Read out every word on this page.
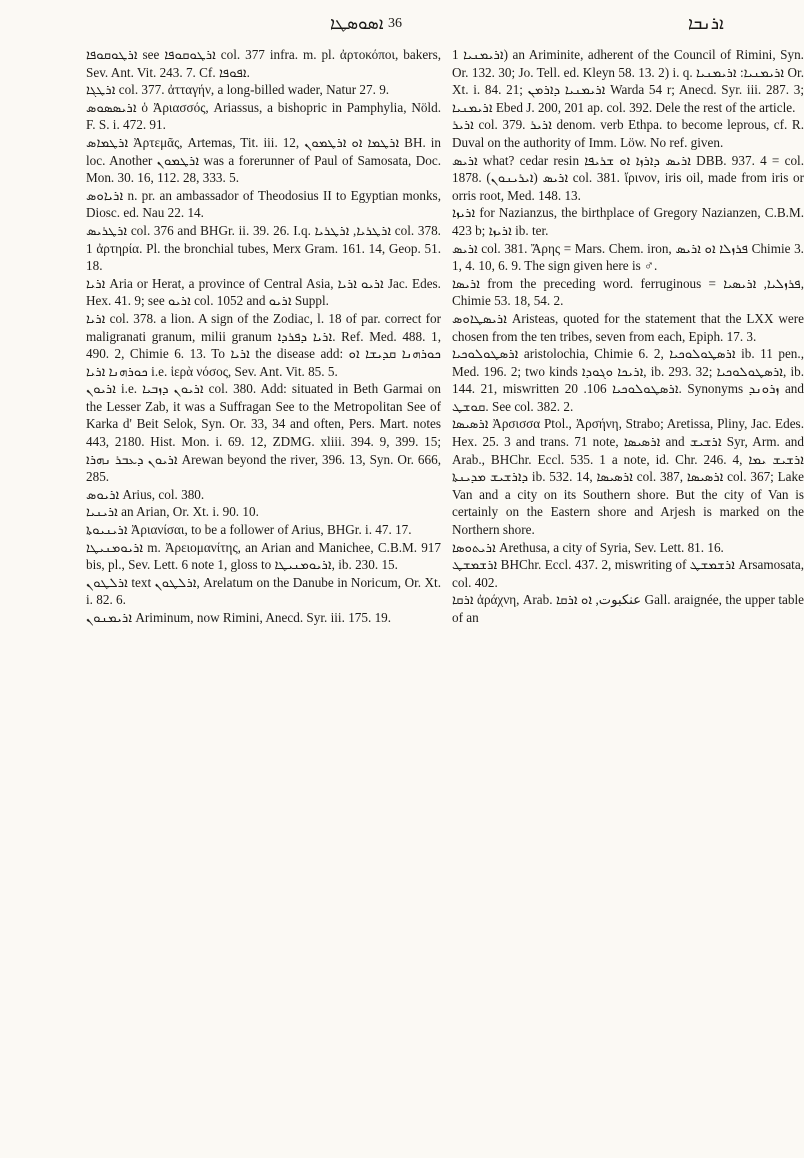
ܐܣܘܣܛܐ 36	ܐܪܢܒܐ

ܐܪܛܘܩܘܦܐ see ܐܪܛܘܩܘܦܐ col. 377 infra. m. pl. ἀρτοκόποι, bakers, Sev. Ant. Vit. 243. 7. Cf. ܐܦܘܦܐ.

ܐܪܛܓܐ col. 377. ἀτταγήν, a long-billed wader, Natur 27. 9.

ܐܪܝܣܣܘܣ ὁ Ἀριασσός, Ariassus, a bishopric in Pamphylia, Nöld. F. S. i. 472. 91.

ܐܪܛܡܐܣ Ἀρτεμᾶς, Artemas, Tit. iii. 12, ܐܪܛܡܐ ܐܘ ܐܪܛܡܘܢ BH. in loc. Another ܐܪܛܡܘܢ was a forerunner of Paul of Samosata, Doc. Mon. 30. 16, 112. 28, 333. 5.

ܐܪܝܐܘܣ n. pr. an ambassador of Theodosius II to Egyptian monks, Diosc. ed. Nau 22. 14.

ܐܪܛܪܝܣ col. 376 and BHGr. ii. 39. 26. I.q. ܐܪܛܪܝܐ, ܐܪܛܪܝܐ col. 378. 1 ἀρτηρία. Pl. the bronchial tubes, Merx Gram. 161. 14, Geop. 51. 18.

ܐܪܝܐ Aria or Herat, a province of Central Asia, ܐܪܝܘ ܐܪܝܐ Jac. Edes. Hex. 41. 9; see ܐܪܝܘ col. 1052 and ܐܪܝܘ Suppl.

ܐܪܝܐ col. 378. a lion. A sign of the Zodiac, l. 18 of par. correct for maligranati granum, milii granum ܐܪܝܐ ܕܦܪܕܐ. Ref. Med. 488. 1, 490. 2, Chimie 6. 13. To ܐܪܝܐ the disease add: ܟܘܪܗܢܐ ܩܕܝܫܐ ܐܘ ܟܘܪܗܢܐ ܐܪܝܐ i.e. ἱερὰ νόσος, Sev. Ant. Vit. 85. 5.

ܐܪܝܘܢ i.e. ܐܪܝܘܢ ܕܙܒܝܐ col. 380. Add: situated in Beth Garmai on the Lesser Zab, it was a Suffragan See to the Metropolitan See of Karka d' Beit Selok, Syn. Or. 33, 34 and often, Pers. Mart. notes 443, 2180. Hist. Mon. i. 69. 12, ZDMG. xliii. 394. 9, 399. 15; ܐܪܝܘܢ ܕܥܒܪ ܢܗܪܐ Arewan beyond the river, 396. 13, Syn. Or. 666, 285.

ܐܪܝܘܣ Arius, col. 380.

ܐܪܝܢܝܐ an Arian, Or. Xt. i. 90. 10.

ܐܪܝܢܝܘܬܐ Ἀριανίσαι, to be a follower of Arius, BHGr. i. 47. 17.

ܐܪܝܘܡܢܝܛܐ m. Ἀρειομανίτης, an Arian and Manichee, C.B.M. 917 bis, pl., Sev. Lett. 6 note 1, gloss to ܐܪܝܘܡܢܝܛܐ, ib. 230. 15.

ܐܪܠܛܘܢ text ܐܪܠܛܘܢ, Arelatum on the Danube in Noricum, Or. Xt. i. 82. 6.

ܐܪܝܡܢܘܢ Ariminum, now Rimini, Anecd. Syr. iii. 175. 19.

ܐܪܝܡܢܝܐ 1) an Ariminite, adherent of the Council of Rimini, Syn. Or. 132. 30; Jo. Tell. ed. Kleyn 58. 13. 2) i. q. ܐܪܝܡܢܝܐ: ܐܪܝܡܢܝܐ Or. Xt. i. 84. 21; ܐܪܝܡܢܝܐ ܕܐܪܡܢ Warda 54 r; Anecd. Syr. iii. 287. 3; ܐܪܝܡܢܝܐ Ebed J. 200, 201 ap. col. 392. Dele the rest of the article.

ܐܪܝܪ col. 379. ܐܪܝܪ denom. verb Ethpa. to become leprous, cf. R. Duval on the authority of Imm. Löw. No ref. given.

ܐܪܝܣ what? cedar resin ܐܪܝܣ ܕܐܪܙܐ ܐܘ ܫܪܝܦܐ DBB. 937. 4 = col. 1878. ܐܪܝܣ (ܐܝܪܝܢܘܢ) col. 381. ἴρινον, iris oil, made from iris or orris root, Med. 148. 13.

ܐܪܝܙܐ for Nazianzus, the birthplace of Gregory Nazianzen, C.B.M. 423 b; ܐܪܝܙܐ ib. ter.

ܐܪܝܣ col. 381. Ἄρης = Mars. Chem. iron, ܦܪܙܠܐ ܐܘ ܐܪܝܣ Chimie 3. 1, 4. 10, 6. 9. The sign given here is ♂.

ܐܪܝܣܐ from the preceding word. ferruginous = ܦܪܙܠܝܐ, ܐܪܝܣܝܐ, Chimie 53. 18, 54. 2.

ܐܪܝܣܛܐܘܣ Aristeas, quoted for the statement that the LXX were chosen from the ten tribes, seven from each, Epiph. 17. 3.

ܐܪܣܛܘܠܘܟܝܐ aristolochia, Chimie 6. 2, ܐܪܣܛܘܠܘܟܝܐ ib. 11 pen., Med. 196. 2; two kinds ܐܪܝܟܐ ܘܓܘܕܐ, ib. 293. 32; ܐܪܣܛܘܠܘܟܝܐ, ib. 144. 21, miswritten ܐܪܣܛܘܠܘܟܝܐ 106. 20. Synonyms ܙܪܘܢܕ and ܩܘܫܛ. See col. 382. 2.

ܐܪܣܝܣܐ Ἀρσισσα Ptol., Ἀρσήνη, Strabo; Aretissa, Pliny, Jac. Edes. Hex. 25. 3 and trans. 71 note, ܐܪܣܝܣܐ and ܐܪܫܝܫ Syr, Arm. and Arab., BHChr. Eccl. 535. 1 a note, id. Chr. 246. 4, ܐܪܫܝܫ ܝܡܐ ܕܐܪܫܝܫ ܡܕܝܢܬܐ ib. 532. 14, ܐܪܣܝܣܐ col. 387, ܐܪܣܝܣܐ col. 367; Lake Van and a city on its Southern shore. But the city of Van is certainly on the Eastern shore and Arjesh is marked on the Northern shore.

ܐܪܝܬܘܣܐ Arethusa, a city of Syria, Sev. Lett. 81. 16.

ܐܪܫܡܫܛ BHChr. Eccl. 437. 2, miswriting of ܐܪܫܡܫܛ Arsamosata, col. 402.

ܐܪܩܐ ἀράχνη, Arab. عنكبوت, ܐܘ ܐܪܩܐ Gall. araignée, the upper table of an
